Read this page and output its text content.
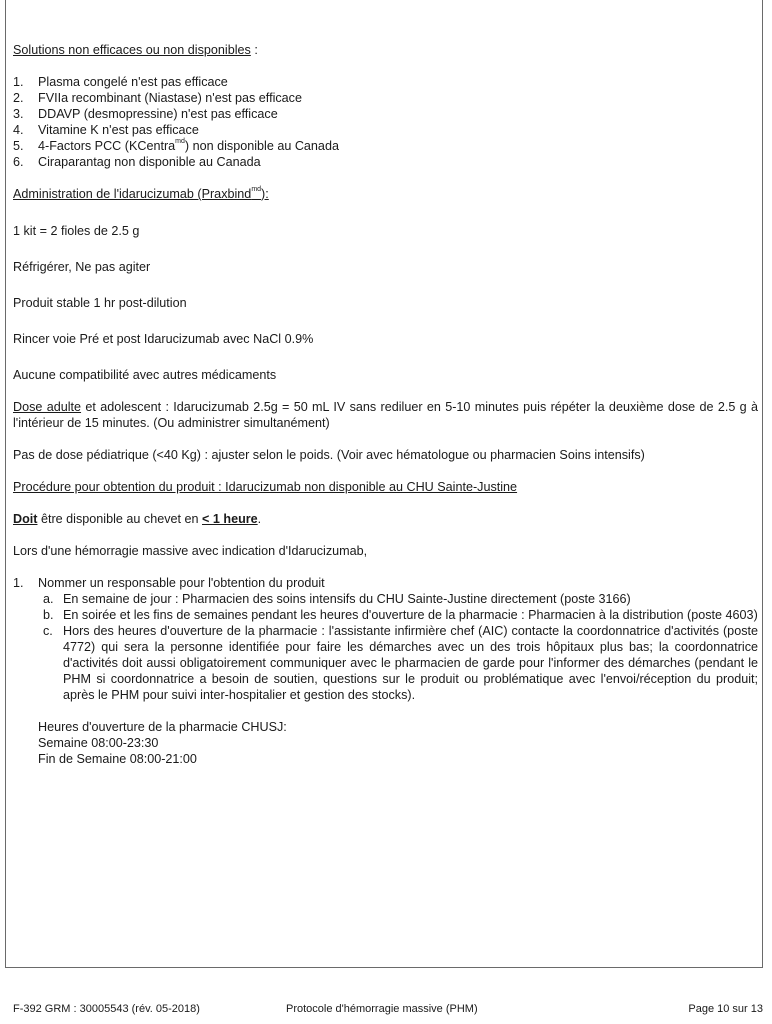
Solutions non efficaces ou non disponibles :

1. Plasma congelé n'est pas efficace
2. FVIIa recombinant (Niastase) n'est pas efficace
3. DDAVP (desmopressine) n'est pas efficace
4. Vitamine K n'est pas efficace
5. 4-Factors PCC (KCentra$^{md}$) non disponible au Canada
6. Ciraparantag non disponible au Canada

Administration de l'idarucizumab (Praxbind$^{md}$):

1 kit = 2 fioles de 2.5 g

Réfrigérer, Ne pas agiter

Produit stable 1 hr post-dilution

Rincer voie Pré et post Idarucizumab avec NaCl 0.9%

Aucune compatibilité avec autres médicaments

Dose adulte et adolescent : Idarucizumab 2.5g = 50 mL IV sans rediluer en 5-10 minutes puis répéter la deuxième dose de 2.5 g à l'intérieur de 15 minutes. (Ou administrer simultanément)

Pas de dose pédiatrique (<40 Kg) : ajuster selon le poids. (Voir avec hématologue ou pharmacien Soins intensifs)

Procédure pour obtention du produit : Idarucizumab non disponible au CHU Sainte-Justine

Doit être disponible au chevet en < 1 heure.

Lors d'une hémorragie massive avec indication d'Idarucizumab,

1. Nommer un responsable pour l'obtention du produit
a. En semaine de jour : Pharmacien des soins intensifs du CHU Sainte-Justine directement (poste 3166)
b. En soirée et les fins de semaines pendant les heures d'ouverture de la pharmacie : Pharmacien à la distribution (poste 4603)
c. Hors des heures d'ouverture de la pharmacie : l'assistante infirmière chef (AIC) contacte la coordonnatrice d'activités (poste 4772) qui sera la personne identifiée pour faire les démarches avec un des trois hôpitaux plus bas; la coordonnatrice d'activités doit aussi obligatoirement communiquer avec le pharmacien de garde pour l'informer des démarches (pendant le PHM si coordonnatrice a besoin de soutien, questions sur le produit ou problématique avec l'envoi/réception du produit; après le PHM pour suivi inter-hospitalier et gestion des stocks).

Heures d'ouverture de la pharmacie CHUSJ:

Semaine 08:00-23:30

Fin de Semaine 08:00-21:00

F-392 GRM : 30005543 (rév. 05-2018)	Protocole d'hémorragie massive (PHM)	Page 10 sur 13
